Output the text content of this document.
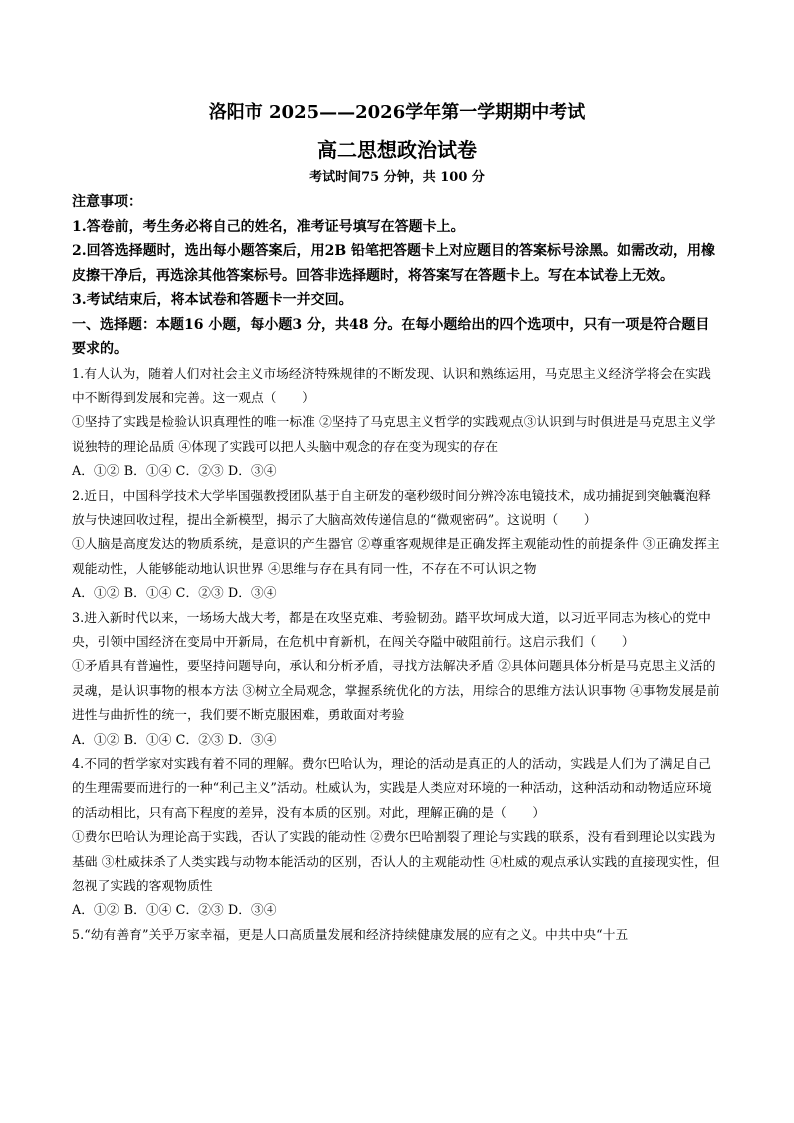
洛阳市 2025——2026学年第一学期期中考试
高二思想政治试卷
考试时间75 分钟，共 100 分
注意事项：
1.答卷前，考生务必将自己的姓名，准考证号填写在答题卡上。
2.回答选择题时，选出每小题答案后，用2B 铅笔把答题卡上对应题目的答案标号涂黑。如需改动，用橡皮擦干净后，再选涂其他答案标号。回答非选择题时，将答案写在答题卡上。写在本试卷上无效。
3.考试结束后，将本试卷和答题卡一并交回。
一、选择题：本题16 小题，每小题3 分，共48 分。在每小题给出的四个选项中，只有一项是符合题目要求的。
1.有人认为，随着人们对社会主义市场经济特殊规律的不断发现、认识和熟练运用，马克思主义经济学将会在实践中不断得到发展和完善。这一观点（　　）
①坚持了实践是检验认识真理性的唯一标准 ②坚持了马克思主义哲学的实践观点③认识到与时俱进是马克思主义学说独特的理论品质 ④体现了实践可以把人头脑中观念的存在变为现实的存在
A．①② B．①④ C．②③ D．③④
2.近日，中国科学技术大学毕国强教授团队基于自主研发的毫秒级时间分辨冷冻电镜技术，成功捕捉到突触囊泡释放与快速回收过程，提出全新模型，揭示了大脑高效传递信息的“微观密码”。这说明（　　）
①人脑是高度发达的物质系统，是意识的产生器官 ②尊重客观规律是正确发挥主观能动性的前提条件 ③正确发挥主观能动性，人能够能动地认识世界 ④思维与存在具有同一性，不存在不可认识之物
A．①② B．①④ C．②③ D．③④
3.进入新时代以来，一场场大战大考，都是在攻坚克难、考验韧劲。踏平坎坷成大道，以习近平同志为核心的党中央，引领中国经济在变局中开新局，在危机中育新机，在闯关夺隘中破阻前行。这启示我们（　　）
①矛盾具有普遍性，要坚持问题导向，承认和分析矛盾，寻找方法解决矛盾 ②具体问题具体分析是马克思主义活的灵魂，是认识事物的根本方法 ③树立全局观念，掌握系统优化的方法，用综合的思维方法认识事物 ④事物发展是前进性与曲折性的统一，我们要不断克服困难，勇敢面对考验
A．①② B．①④ C．②③ D．③④
4.不同的哲学家对实践有着不同的理解。费尔巴哈认为，理论的活动是真正的人的活动，实践是人们为了满足自己的生理需要而进行的一种“利己主义”活动。杜威认为，实践是人类应对环境的一种活动，这种活动和动物适应环境的活动相比，只有高下程度的差异，没有本质的区别。对此，理解正确的是（　　）
①费尔巴哈认为理论高于实践，否认了实践的能动性 ②费尔巴哈割裂了理论与实践的联系，没有看到理论以实践为基础 ③杜威抹杀了人类实践与动物本能活动的区别，否认人的主观能动性 ④杜威的观点承认实践的直接现实性，但忽视了实践的客观物质性
A．①② B．①④ C．②③ D．③④
5.“幼有善育”关乎万家幸福，更是人口高质量发展和经济持续健康发展的应有之义。中共中央“十五
